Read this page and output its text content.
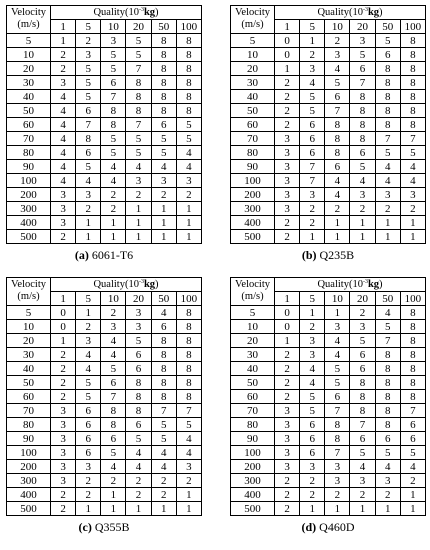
Velocity
(m/s)	$Quality(10^{-3}kg)$					
	1	5	10	20	50	100
5	1	2	3	5	8	8
10	2	3	5	5	8	8
20	2	5	5	7	8	8
30	3	5	6	8	8	8
40	4	5	7	8	8	8
50	4	6	8	8	8	8
60	4	7	8	7	6	5
70	4	8	5	5	5	5
80	4	6	5	5	5	4
90	4	5	4	4	4	4
100	4	4	4	3	3	3
200	3	3	2	2	2	2
300	3	2	2	1	1	1
400	3	1	1	1	1	1
500	2	1	1	1	1	1
(a) 6061-T6
Velocity
(m/s)	$Quality(10^{-3}kg)$					
	1	5	10	20	50	100
5	0	1	2	3	5	8
10	0	2	3	5	6	8
20	1	3	4	6	8	8
30	2	4	5	7	8	8
40	2	5	6	8	8	8
50	2	5	7	8	8	8
60	2	6	8	8	8	8
70	3	6	8	8	7	7
80	3	6	8	6	5	5
90	3	7	6	5	4	4
100	3	7	4	4	4	4
200	3	3	4	3	3	3
300	3	2	2	2	2	2
400	2	2	1	1	1	1
500	2	1	1	1	1	1
(b) Q235B
Velocity
(m/s)	$Quality(10^{-3}kg)$					
	1	5	10	20	50	100
5	0	1	2	3	4	8
10	0	2	3	3	6	8
20	1	3	4	5	8	8
30	2	4	4	6	8	8
40	2	4	5	6	8	8
50	2	5	6	8	8	8
60	2	5	7	8	8	8
70	3	6	8	8	7	7
80	3	6	8	6	5	5
90	3	6	6	5	5	4
100	3	6	5	4	4	4
200	3	3	4	4	4	3
300	3	2	2	2	2	2
400	2	2	1	2	2	1
500	2	1	1	1	1	1
(c) Q355B
Velocity
(m/s)	$Quality(10^{-3}kg)$					
	1	5	10	20	50	100
5	0	1	1	2	4	8
10	0	2	3	3	5	8
20	1	3	4	5	7	8
30	2	3	4	6	8	8
40	2	4	5	6	8	8
50	2	4	5	8	8	8
60	2	5	6	8	8	8
70	3	5	7	8	8	7
80	3	6	8	7	8	6
90	3	6	8	6	6	6
100	3	6	7	5	5	5
200	3	3	3	4	4	4
300	2	2	3	3	3	2
400	2	2	2	2	2	1
500	2	1	1	1	1	1
(d) Q460D
